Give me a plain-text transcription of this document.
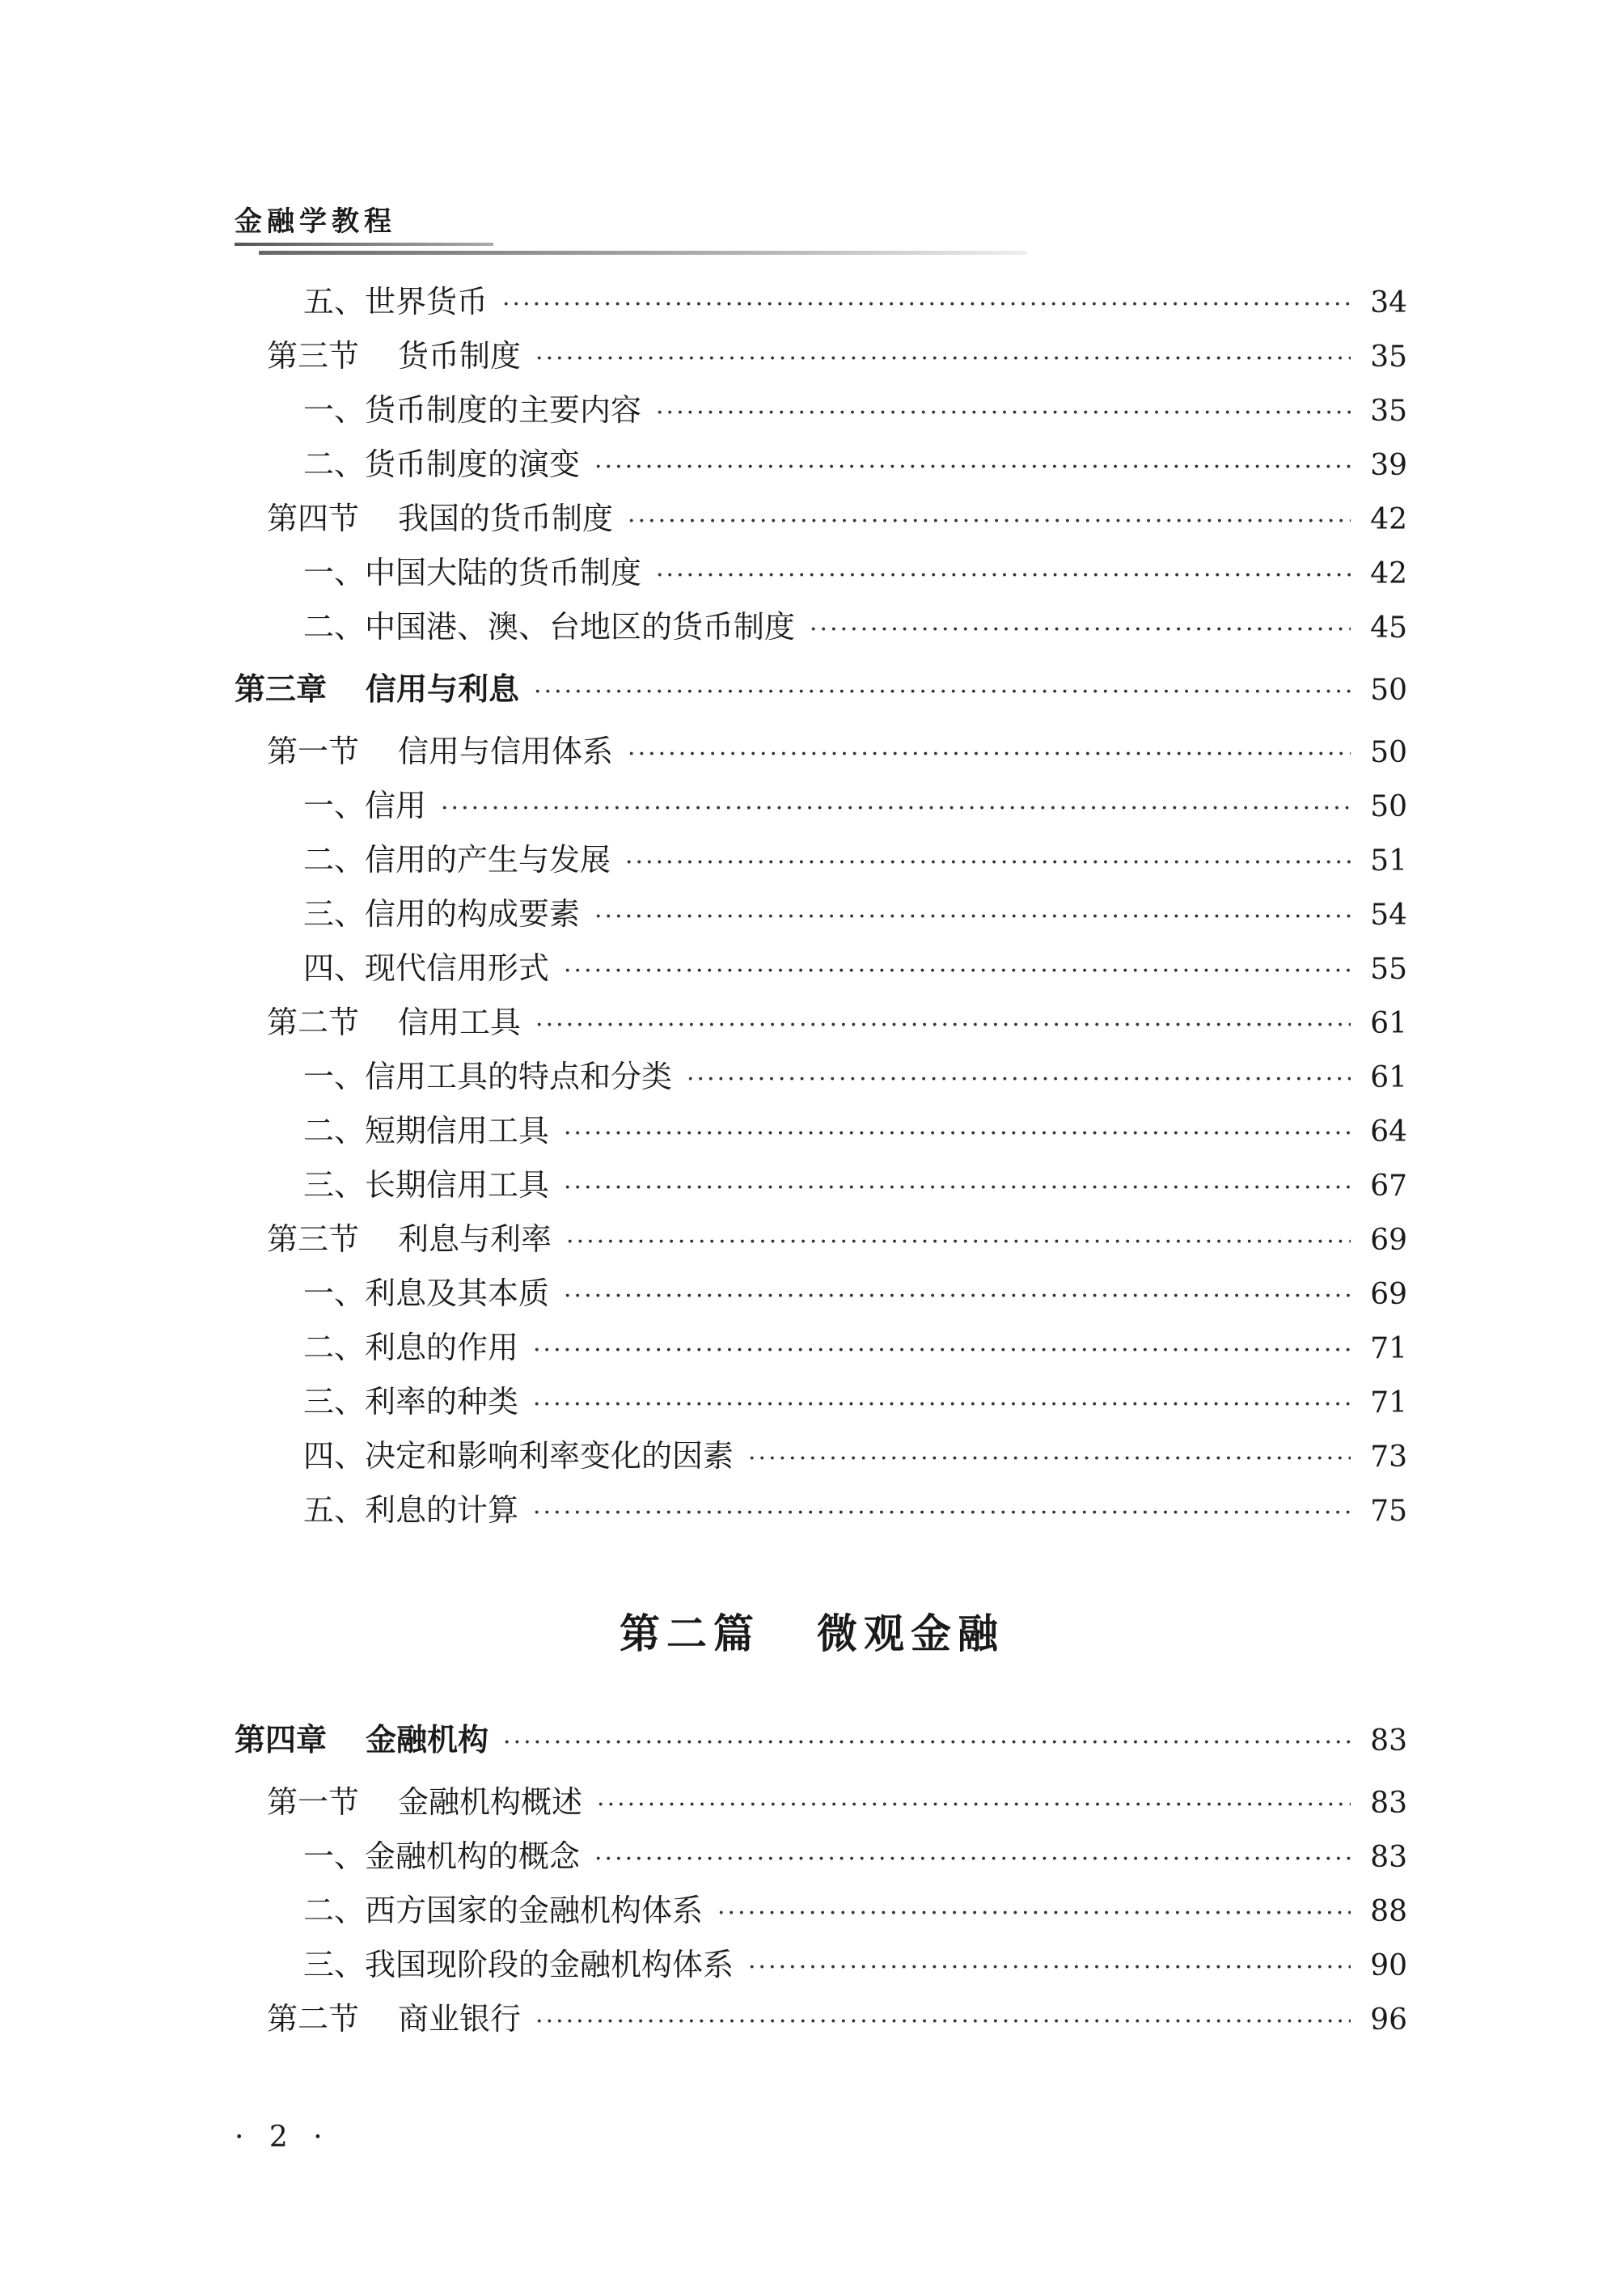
金融学教程
五、世界货币 ·····	34
第三节 货币制度 ·····	35
一、货币制度的主要内容 ·····	35
二、货币制度的演变 ·····	39
第四节 我国的货币制度 ·····	42
一、中国大陆的货币制度 ·····	42
二、中国港、澳、台地区的货币制度 ·····	45
第三章 信用与利息 ·····	50
第一节 信用与信用体系 ·····	50
一、信用 ·····	50
二、信用的产生与发展 ·····	51
三、信用的构成要素 ·····	54
四、现代信用形式 ·····	55
第二节 信用工具 ·····	61
一、信用工具的特点和分类 ·····	61
二、短期信用工具 ·····	64
三、长期信用工具 ·····	67
第三节 利息与利率 ·····	69
一、利息及其本质 ·····	69
二、利息的作用 ·····	71
三、利率的种类 ·····	71
四、决定和影响利率变化的因素 ·····	73
五、利息的计算 ·····	75
第二篇 微观金融
第四章 金融机构 ·····	83
第一节 金融机构概述 ·····	83
一、金融机构的概念 ·····	83
二、西方国家的金融机构体系 ·····	88
三、我国现阶段的金融机构体系 ·····	90
第二节 商业银行 ·····	96
· 2 ·
